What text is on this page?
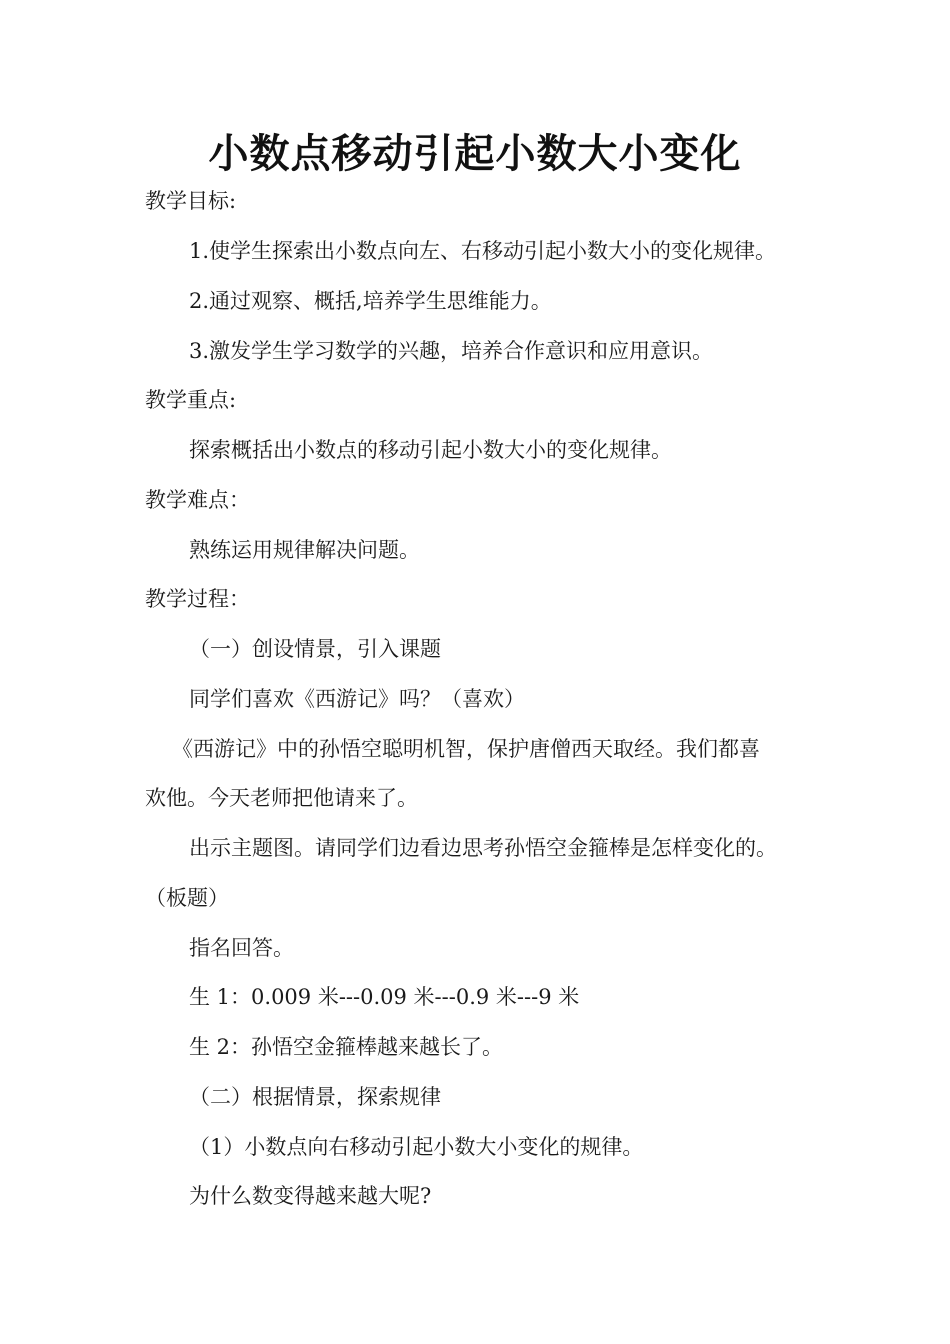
小数点移动引起小数大小变化
教学目标:
1.使学生探索出小数点向左、右移动引起小数大小的变化规律。
2.通过观察、概括,培养学生思维能力。
3.激发学生学习数学的兴趣，培养合作意识和应用意识。
教学重点:
探索概括出小数点的移动引起小数大小的变化规律。
教学难点：
熟练运用规律解决问题。
教学过程：
（一）创设情景，引入课题
同学们喜欢《西游记》吗？（喜欢）
《西游记》中的孙悟空聪明机智，保护唐僧西天取经。我们都喜
欢他。今天老师把他请来了。
出示主题图。请同学们边看边思考孙悟空金箍棒是怎样变化的。
（板题）
指名回答。
生 1：0.009 米---0.09 米---0.9 米---9 米
生 2：孙悟空金箍棒越来越长了。
（二）根据情景，探索规律
（1）小数点向右移动引起小数大小变化的规律。
为什么数变得越来越大呢?
